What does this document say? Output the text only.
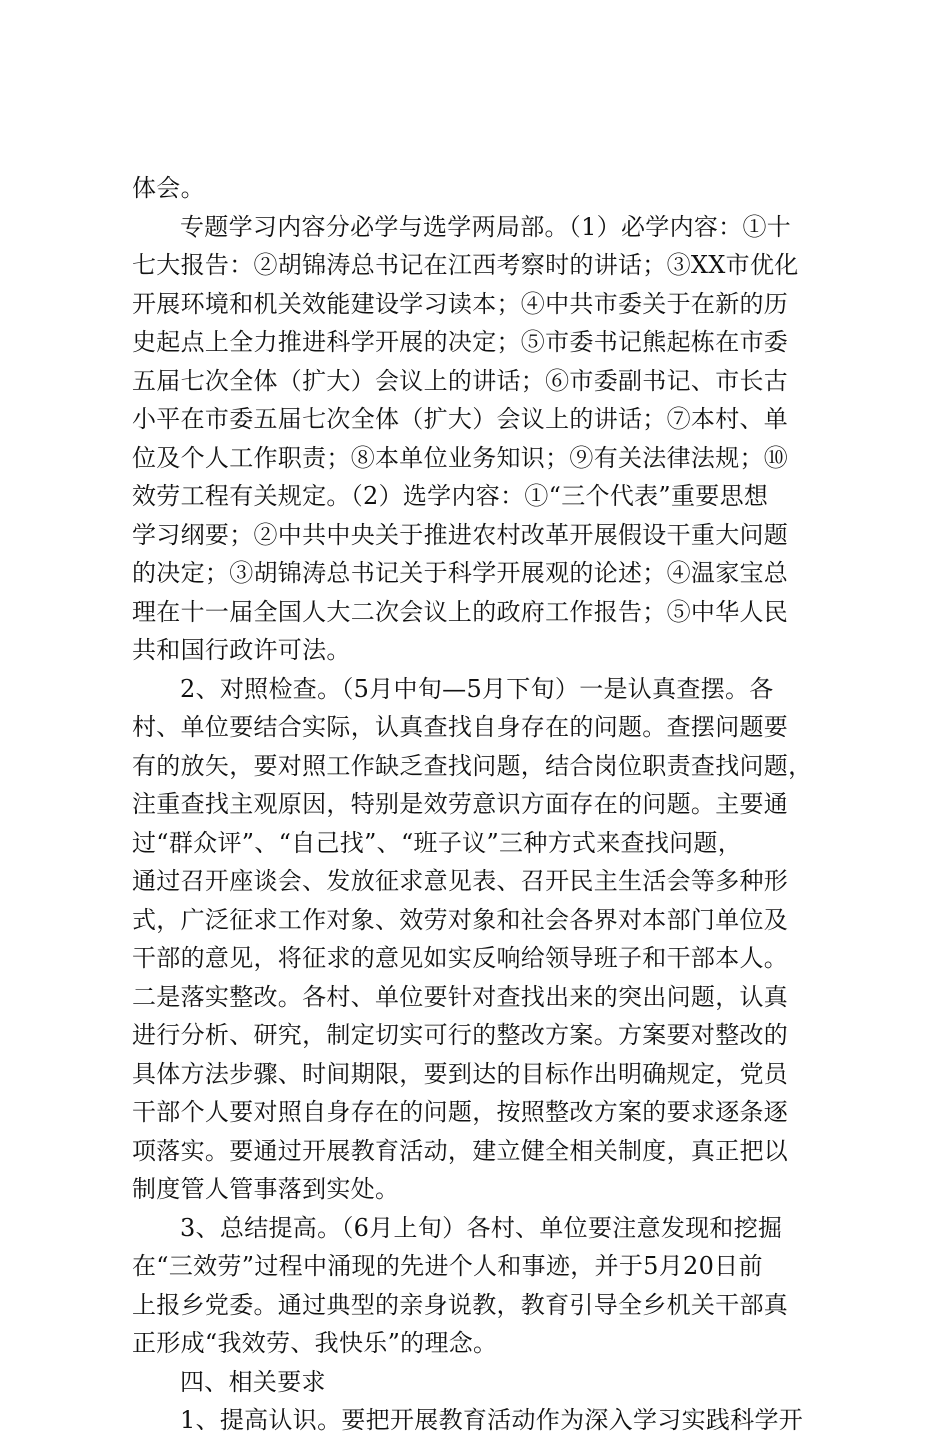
体会。
专题学习内容分必学与选学两局部。（1）必学内容：①十
七大报告：②胡锦涛总书记在江西考察时的讲话；③XX市优化
开展环境和机关效能建设学习读本；④中共市委关于在新的历
史起点上全力推进科学开展的决定；⑤市委书记熊起栋在市委
五届七次全体（扩大）会议上的讲话；⑥市委副书记、市长古
小平在市委五届七次全体（扩大）会议上的讲话；⑦本村、单
位及个人工作职责；⑧本单位业务知识；⑨有关法律法规；⑩
效劳工程有关规定。（2）选学内容：①“三个代表”重要思想
学习纲要；②中共中央关于推进农村改革开展假设干重大问题
的决定；③胡锦涛总书记关于科学开展观的论述；④温家宝总
理在十一届全国人大二次会议上的政府工作报告；⑤中华人民
共和国行政许可法。
2、对照检查。（5月中旬—5月下旬）一是认真查摆。各
村、单位要结合实际，认真查找自身存在的问题。查摆问题要
有的放矢，要对照工作缺乏查找问题，结合岗位职责查找问题，
注重查找主观原因，特别是效劳意识方面存在的问题。主要通
过“群众评”、“自己找”、“班子议”三种方式来查找问题，
通过召开座谈会、发放征求意见表、召开民主生活会等多种形
式，广泛征求工作对象、效劳对象和社会各界对本部门单位及
干部的意见，将征求的意见如实反响给领导班子和干部本人。
二是落实整改。各村、单位要针对查找出来的突出问题，认真
进行分析、研究，制定切实可行的整改方案。方案要对整改的
具体方法步骤、时间期限，要到达的目标作出明确规定，党员
干部个人要对照自身存在的问题，按照整改方案的要求逐条逐
项落实。要通过开展教育活动，建立健全相关制度，真正把以
制度管人管事落到实处。
3、总结提高。（6月上旬）各村、单位要注意发现和挖掘
在“三效劳”过程中涌现的先进个人和事迹，并于5月20日前
上报乡党委。通过典型的亲身说教，教育引导全乡机关干部真
正形成“我效劳、我快乐”的理念。
四、相关要求
1、提高认识。要把开展教育活动作为深入学习实践科学开
